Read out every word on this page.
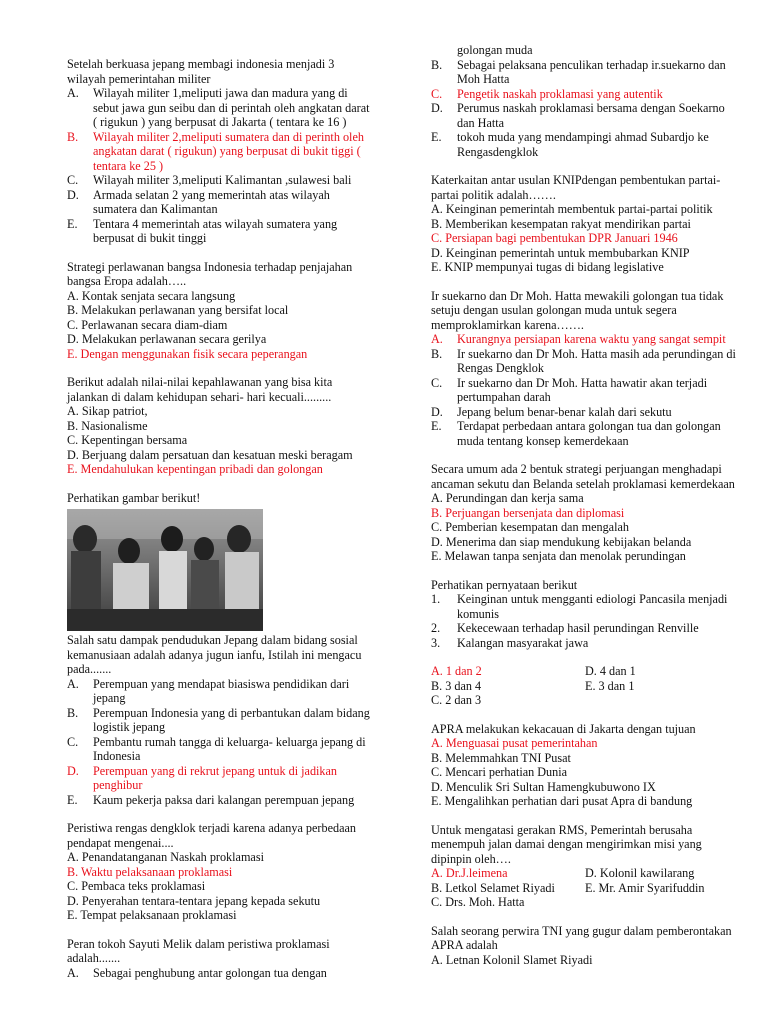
Setelah berkuasa jepang membagi indonesia menjadi 3 wilayah pemerintahan militer

A.	Wilayah militer 1,meliputi jawa dan madura yang di sebut jawa gun seibu dan di perintah oleh angkatan darat ( rigukun ) yang berpusat di Jakarta ( tentara ke 16 )
B.	Wilayah militer 2,meliputi sumatera dan di perinth oleh angkatan darat ( rigukun) yang berpusat di bukit tiggi ( tentara ke 25 )
C.	Wilayah militer 3,meliputi Kalimantan ,sulawesi bali
D.	Armada selatan 2 yang memerintah atas wilayah sumatera dan Kalimantan
E.	Tentara 4 memerintah atas wilayah sumatera yang berpusat di bukit tinggi

Strategi perlawanan bangsa Indonesia terhadap penjajahan bangsa Eropa adalah…..

A. Kontak senjata secara langsung

B. Melakukan perlawanan yang bersifat local

C. Perlawanan secara diam-diam

D. Melakukan perlawanan secara gerilya

E. Dengan menggunakan fisik secara peperangan

Berikut adalah nilai-nilai kepahlawanan yang bisa kita jalankan di dalam kehidupan sehari- hari kecuali.........

A. Sikap patriot,

B. Nasionalisme

C. Kepentingan bersama

D. Berjuang dalam persatuan dan kesatuan meski beragam

E. Mendahulukan kepentingan pribadi dan golongan

Perhatikan gambar berikut!

Salah satu dampak pendudukan Jepang dalam bidang sosial kemanusiaan adalah adanya jugun ianfu, Istilah ini mengacu pada.......

A.	Perempuan yang mendapat biasiswa pendidikan dari jepang
B.	Perempuan Indonesia yang di perbantukan dalam bidang logistik jepang
C.	Pembantu rumah tangga di keluarga- keluarga jepang di Indonesia
D.	Perempuan yang di rekrut jepang untuk di jadikan penghibur
E.	Kaum pekerja paksa dari kalangan perempuan jepang

Peristiwa rengas dengklok terjadi karena adanya perbedaan pendapat mengenai....

A. Penandatanganan Naskah proklamasi

B. Waktu pelaksanaan proklamasi

C. Pembaca teks proklamasi

D. Penyerahan tentara-tentara jepang kepada sekutu

E. Tempat pelaksanaan proklamasi

Peran tokoh Sayuti Melik dalam peristiwa proklamasi adalah.......

A.	Sebagai penghubung antar golongan tua dengan
golongan muda
B.	Sebagai pelaksana penculikan terhadap ir.suekarno dan Moh Hatta
C.	Pengetik naskah proklamasi yang autentik
D.	Perumus naskah proklamasi bersama dengan Soekarno dan Hatta
E.	tokoh muda yang mendampingi ahmad Subardjo ke Rengasdengklok

Katerkaitan antar usulan KNIPdengan pembentukan partai-partai politik adalah…….

A. Keinginan pemerintah membentuk partai-partai politik

B. Memberikan kesempatan rakyat mendirikan partai

C. Persiapan bagi pembentukan DPR Januari 1946

D. Keinginan pemerintah untuk membubarkan KNIP

E. KNIP mempunyai tugas di bidang legislative

Ir suekarno dan Dr Moh. Hatta mewakili golongan tua tidak setuju dengan usulan golongan muda untuk segera memproklamirkan karena…….

A.	Kurangnya persiapan karena waktu yang sangat sempit
B.	Ir suekarno dan Dr Moh. Hatta masih ada perundingan di Rengas Dengklok
C.	Ir suekarno dan Dr Moh. Hatta hawatir akan terjadi pertumpahan darah
D.	Jepang belum benar-benar kalah dari sekutu
E.	Terdapat perbedaan antara golongan tua dan golongan muda tentang konsep kemerdekaan

Secara umum ada 2 bentuk strategi perjuangan menghadapi ancaman sekutu dan Belanda setelah proklamasi kemerdekaan

A. Perundingan dan kerja sama

B. Perjuangan bersenjata dan diplomasi

C. Pemberian kesempatan dan mengalah

D. Menerima dan siap mendukung kebijakan belanda

E. Melawan tanpa senjata dan menolak perundingan

Perhatikan pernyataan berikut

1.	Keinginan untuk mengganti ediologi Pancasila menjadi komunis
2.	Kekecewaan terhadap hasil perundingan Renville
3.	Kalangan masyarakat jawa

A. 1 dan 2

B. 3 dan 4

C. 2 dan 3

D. 4 dan 1

E. 3 dan 1

APRA melakukan kekacauan di Jakarta dengan tujuan

A. Menguasai pusat pemerintahan

B. Melemmahkan TNI Pusat

C. Mencari perhatian Dunia

D. Menculik Sri Sultan Hamengkubuwono IX

E. Mengalihkan perhatian dari pusat Apra di bandung

Untuk mengatasi gerakan RMS, Pemerintah berusaha menempuh jalan damai dengan mengirimkan misi yang dipinpin oleh….

A. Dr.J.leimena

B. Letkol Selamet Riyadi

C. Drs. Moh. Hatta

D. Kolonil kawilarang

E. Mr. Amir Syarifuddin

Salah seorang perwira TNI yang gugur dalam pemberontakan APRA adalah

A. Letnan Kolonil Slamet Riyadi
